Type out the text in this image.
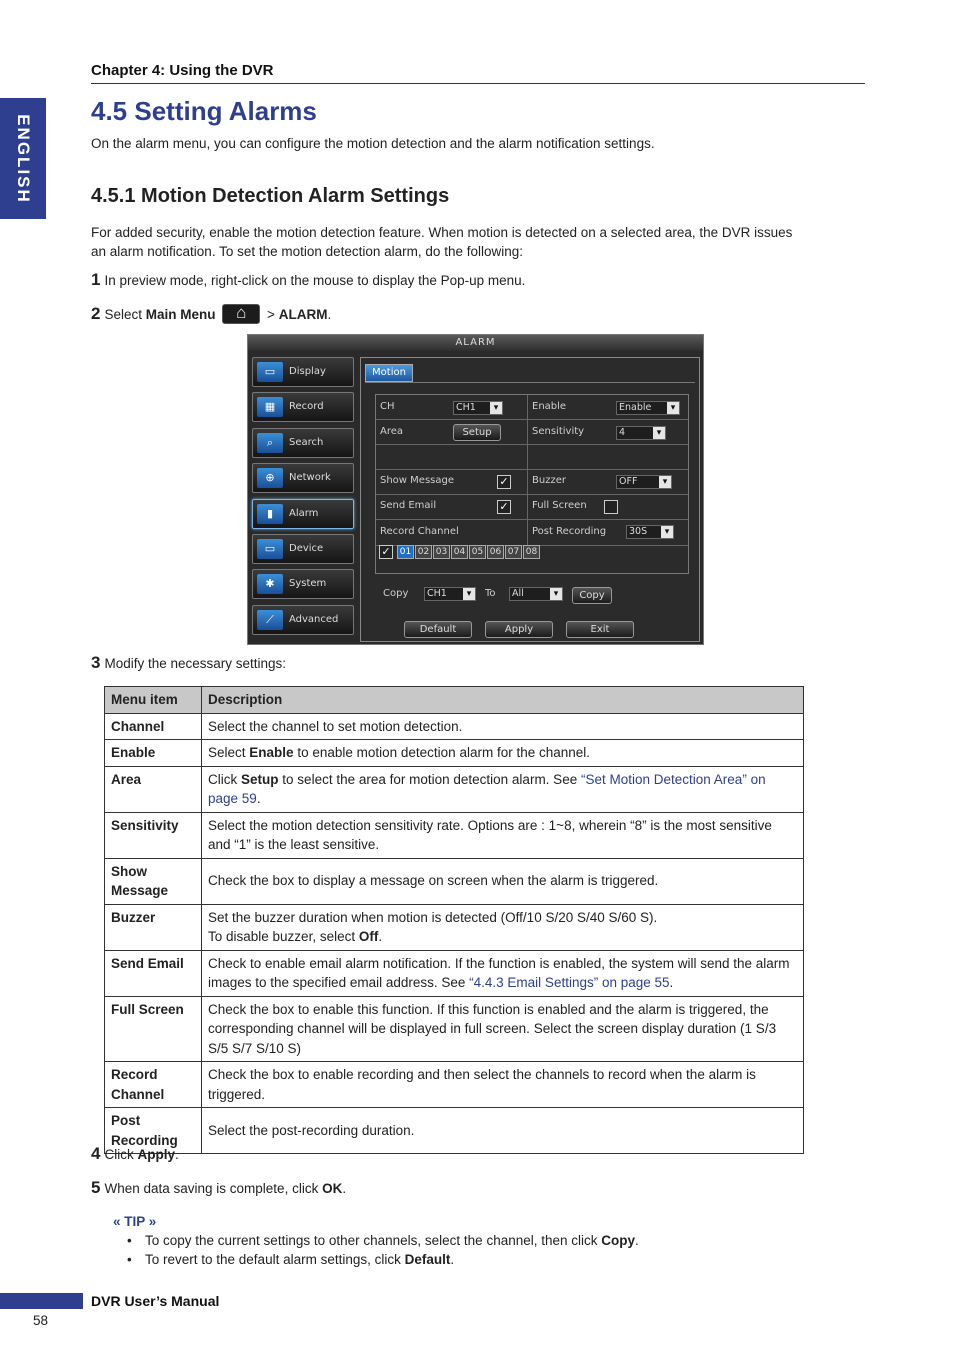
ENGLISH
Chapter 4: Using the DVR
4.5 Setting Alarms
On the alarm menu, you can configure the motion detection and the alarm notification settings.
4.5.1 Motion Detection Alarm Settings
For added security, enable the motion detection feature. When motion is detected on a selected area, the DVR issues
an alarm notification. To set the motion detection alarm, do the following:
1 In preview mode, right-click on the mouse to display the Pop-up menu.
2 Select Main Menu ⌂	> ALARM.
ALARM
▭	Display
▦	Record
⌕	Search
⊕	Network
▮	Alarm
▭	Device
✱	System
⟋	Advanced
Motion
CH	CH1 ▾	Enable	Enable ▾
Area	Setup	Sensitivity	4 ▾
Show Message	✓ Buzzer	OFF ▾
Send Email	✓ Full Screen
Record Channel	Post Recording	30S ▾
✓	01 02 03 04 05 06 07 08
Copy	CH1 ▾	To	All ▾	Copy
Default	Apply	Exit
3 Modify the necessary settings:
Menu item	Description
Channel	Select the channel to set motion detection.
Enable	Select Enable to enable motion detection alarm for the channel.
Area	Click Setup to select the area for motion detection alarm. See “Set Motion Detection Area” on page 59.
Sensitivity	Select the motion detection sensitivity rate. Options are : 1~8, wherein “8” is the most sensitive and “1” is the least sensitive.
Show Message	Check the box to display a message on screen when the alarm is triggered.
Buzzer	Set the buzzer duration when motion is detected (Off/10 S/20 S/40 S/60 S).
To disable buzzer, select Off.
Send Email	Check to enable email alarm notification. If the function is enabled, the system will send the alarm images to the specified email address. See “4.4.3 Email Settings” on page 55.
Full Screen	Check the box to enable this function. If this function is enabled and the alarm is triggered, the corresponding channel will be displayed in full screen. Select the screen display duration (1 S/3 S/5 S/7 S/10 S)
Record Channel	Check the box to enable recording and then select the channels to record when the alarm is triggered.
Post Recording	Select the post-recording duration.
4 Click Apply.
5 When data saving is complete, click OK.
« TIP »
• To copy the current settings to other channels, select the channel, then click Copy.
• To revert to the default alarm settings, click Default.
DVR User’s Manual
58
